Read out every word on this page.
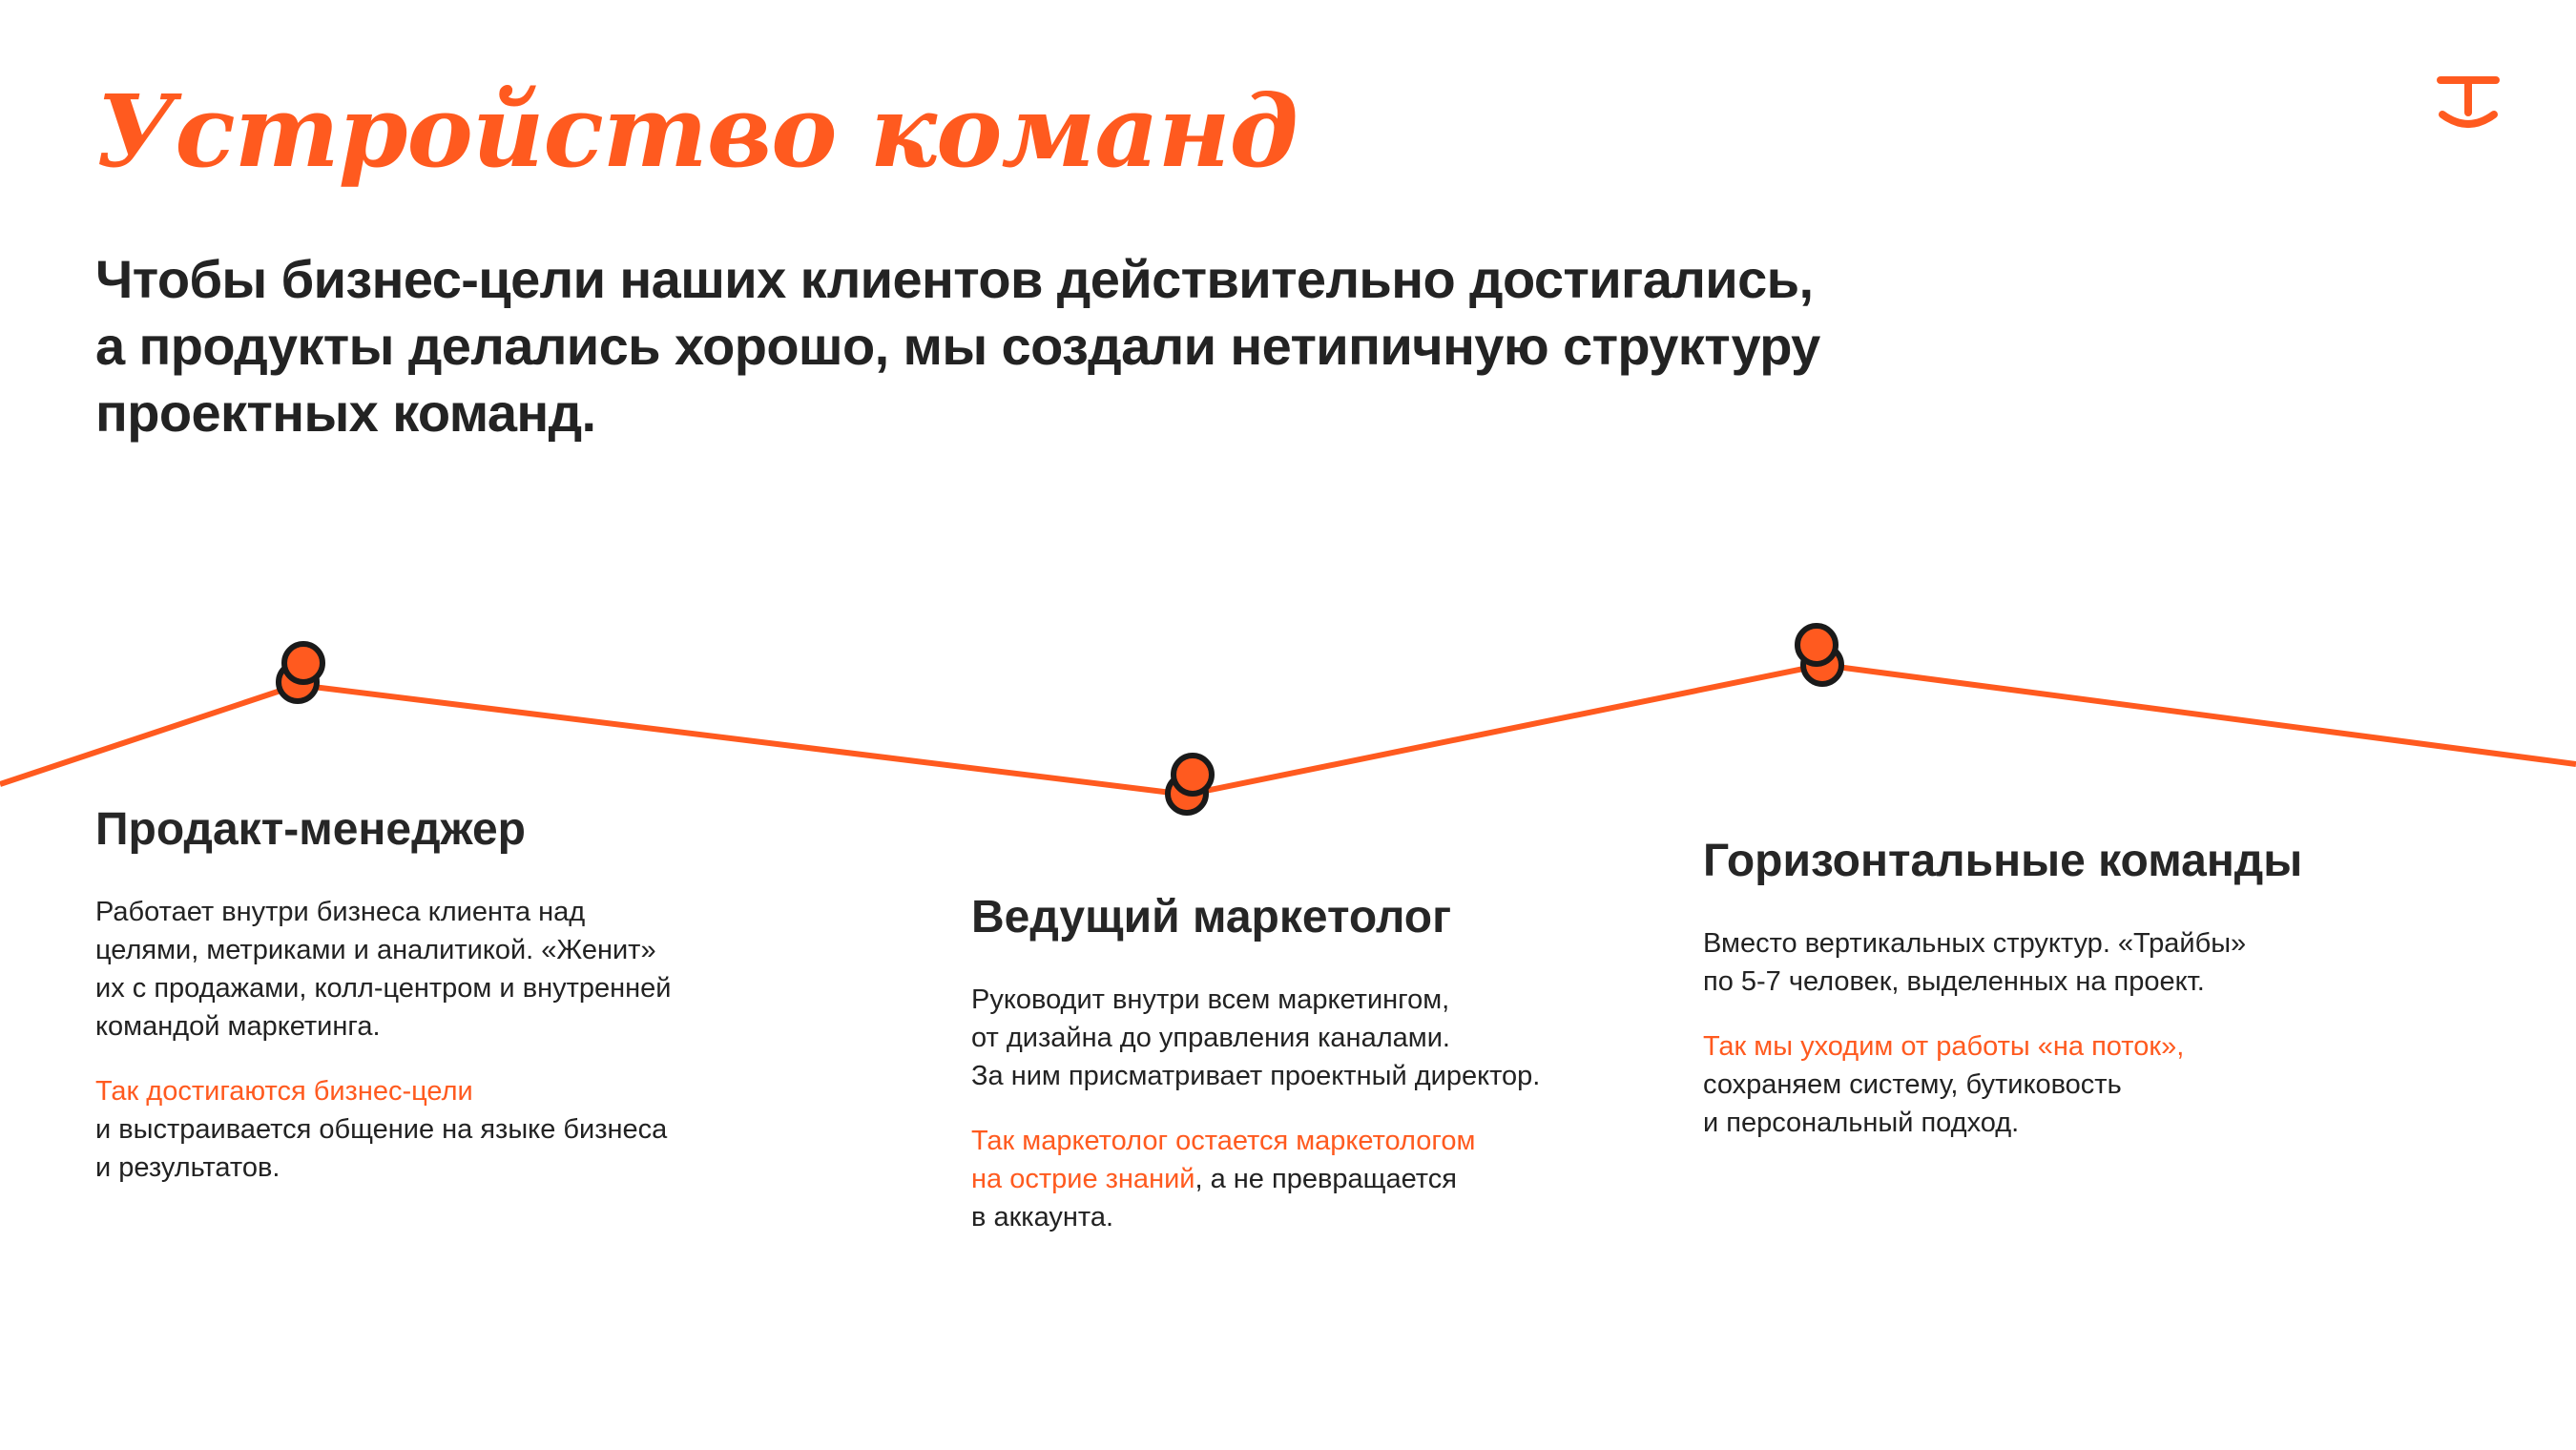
Устройство команд
Чтобы бизнес-цели наших клиентов действительно достигались,
а продукты делались хорошо, мы создали нетипичную структуру
проектных команд.
Продакт-менеджер

Работает внутри бизнеса клиента над
целями, метриками и аналитикой. «Женит»
их с продажами, колл-центром и внутренней
командой маркетинга.

Так достигаются бизнес-цели
и выстраивается общение на языке бизнеса
и результатов.

Ведущий маркетолог

Руководит внутри всем маркетингом,
от дизайна до управления каналами.
За ним присматривает проектный директор.

Так маркетолог остается маркетологом
на острие знаний, а не превращается
в аккаунта.

Горизонтальные команды

Вместо вертикальных структур. «Трайбы»
по 5-7 человек, выделенных на проект.

Так мы уходим от работы «на поток»,
сохраняем систему, бутиковость
и персональный подход.
